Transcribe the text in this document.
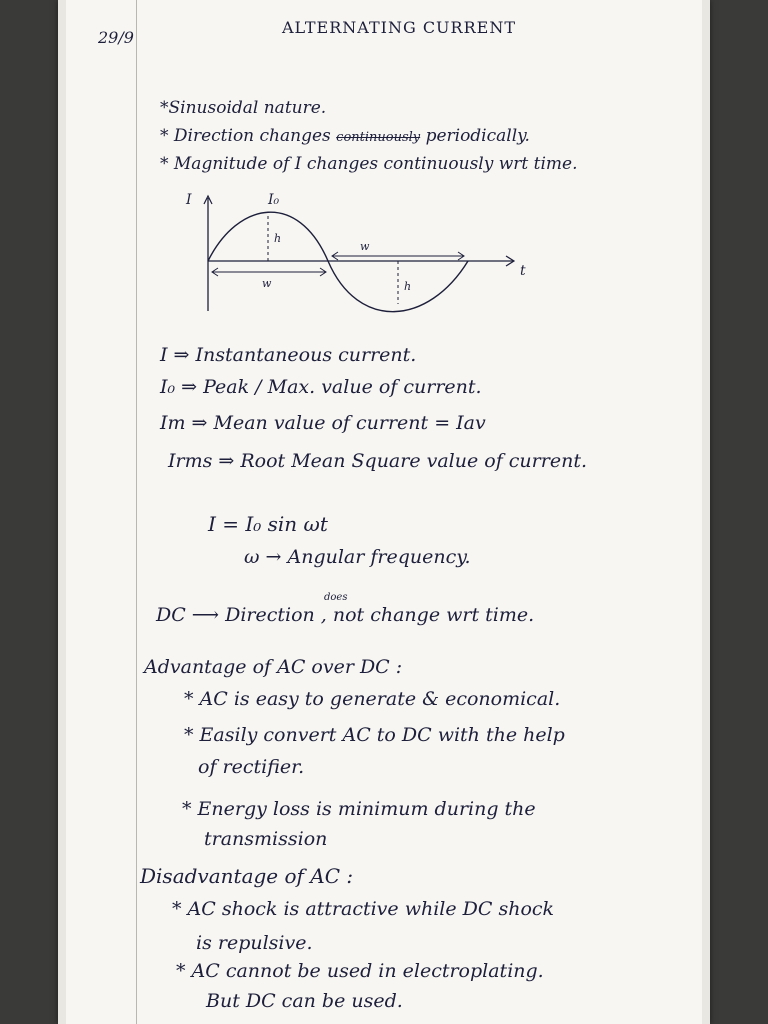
29/9
ALTERNATING CURRENT
*Sinusoidal nature.
* Direction changes continuously periodically.
* Magnitude of I changes continuously wrt time.
I	I₀
t
h
h
w
w
I ⇒ Instantaneous current.
I₀ ⇒ Peak / Max. value of current.
Im ⇒ Mean value of current = Iav
Irms ⇒ Root Mean Square value of current.
I = I₀ sin ωt
ω → Angular frequency.
does
DC ⟶ Direction , not change wrt time.
Advantage of AC over DC :
* AC is easy to generate & economical.
* Easily convert AC to DC with the help
of rectifier.
* Energy loss is minimum during the
transmission
Disadvantage of AC :
* AC shock is attractive while DC shock
is repulsive.
* AC cannot be used in electroplating.
But DC can be used.
